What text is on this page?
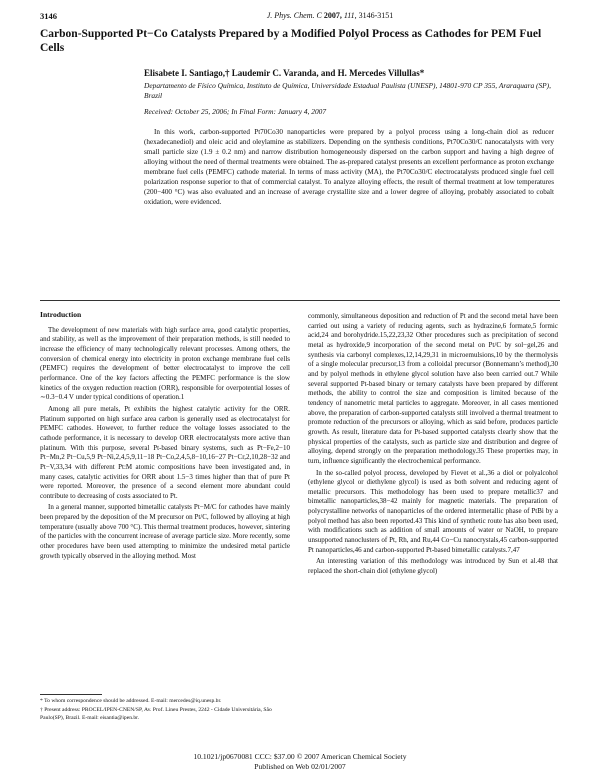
3146	J. Phys. Chem. C 2007, 111, 3146-3151
Carbon-Supported Pt−Co Catalysts Prepared by a Modified Polyol Process as Cathodes for PEM Fuel Cells
Elisabete I. Santiago,† Laudemir C. Varanda, and H. Mercedes Villullas*
Departamento de Físico Química, Instituto de Química, Universidade Estadual Paulista (UNESP), 14801-970 CP 355, Araraquara (SP), Brazil
Received: October 25, 2006; In Final Form: January 4, 2007

In this work, carbon-supported Pt70Co30 nanoparticles were prepared by a polyol process using a long-chain diol as reducer (hexadecanediol) and oleic acid and oleylamine as stabilizers. Depending on the synthesis conditions, Pt70Co30/C nanocatalysts with very small particle size (1.9 ± 0.2 nm) and narrow distribution homogeneously dispersed on the carbon support and having a high degree of alloying without the need of thermal treatments were obtained. The as-prepared catalyst presents an excellent performance as proton exchange membrane fuel cells (PEMFC) cathode material. In terms of mass activity (MA), the Pt70Co30/C electrocatalysts produced single fuel cell polarization response superior to that of commercial catalyst. To analyze alloying effects, the result of thermal treatment at low temperatures (200−400 °C) was also evaluated and an increase of average crystallite size and a lower degree of alloying, probably associated to cobalt oxidation, were evidenced.

Introduction

The development of new materials with high surface area, good catalytic properties, and stability, as well as the improvement of their preparation methods, is still needed to increase the efficiency of many technologically relevant processes. Among others, the conversion of chemical energy into electricity in proton exchange membrane fuel cells (PEMFC) requires the development of better electrocatalyst to improve the cell performance. One of the key factors affecting the PEMFC performance is the slow kinetics of the oxygen reduction reaction (ORR), responsible for overpotential losses of ∼0.3−0.4 V under typical conditions of operation.1

Among all pure metals, Pt exhibits the highest catalytic activity for the ORR. Platinum supported on high surface area carbon is generally used as electrocatalyst for PEMFC cathodes. However, to further reduce the voltage losses associated to the cathode performance, it is necessary to develop ORR electrocatalysts more active than platinum. With this purpose, several Pt-based binary systems, such as Pt−Fe,2−10 Pt−Mn,2 Pt−Cu,5,9 Pt−Ni,2,4,5,9,11−18 Pt−Co,2,4,5,8−10,16−27 Pt−Cr,2,10,28−32 and Pt−V,33,34 with different Pt:M atomic compositions have been investigated and, in many cases, catalytic activities for ORR about 1.5−3 times higher than that of pure Pt were reported. Moreover, the presence of a second element more abundant could contribute to decreasing of costs associated to Pt.

In a general manner, supported bimetallic catalysts Pt−M/C for cathodes have mainly been prepared by the deposition of the M precursor on Pt/C, followed by alloying at high temperature (usually above 700 °C). This thermal treatment produces, however, sintering of the particles with the concurrent increase of average particle size. More recently, some other procedures have been used attempting to minimize the undesired metal particle growth typically observed in the alloying method. Most

commonly, simultaneous deposition and reduction of Pt and the second metal have been carried out using a variety of reducing agents, such as hydrazine,6 formate,5 formic acid,24 and borohydride.15,22,23,32 Other procedures such as precipitation of second metal as hydroxide,9 incorporation of the second metal on Pt/C by sol−gel,26 and synthesis via carbonyl complexes,12,14,29,31 in microemulsions,10 by the thermolysis of a single molecular precursor,13 from a colloidal precursor (Bonnemann’s method),30 and by polyol methods in ethylene glycol solution have also been carried out.7 While several supported Pt-based binary or ternary catalysts have been prepared by different methods, the ability to control the size and composition is limited because of the tendency of nanometric metal particles to aggregate. Moreover, in all cases mentioned above, the preparation of carbon-supported catalysts still involved a thermal treatment to promote reduction of the precursors or alloying, which as said before, produces particle growth. As result, literature data for Pt-based supported catalysts clearly show that the physical properties of the catalysts, such as particle size and distribution and degree of alloying, depend strongly on the preparation methodology.35 These properties may, in turn, influence significantly the electrochemical performance.

In the so-called polyol process, developed by Fievet et al.,36 a diol or polyalcohol (ethylene glycol or diethylene glycol) is used as both solvent and reducing agent of metallic precursors. This methodology has been used to prepare metallic37 and bimetallic nanoparticles,38−42 mainly for magnetic materials. The preparation of polycrystalline networks of nanoparticles of the ordered intermetallic phase of PtBi by a polyol method has also been reported.43 This kind of synthetic route has also been used, with modifications such as addition of small amounts of water or NaOH, to prepare unsupported nanoclusters of Pt, Rh, and Ru,44 Co−Cu nanocrystals,45 carbon-supported Pt nanoparticles,46 and carbon-supported Pt-based bimetallic catalysts.7,47

An interesting variation of this methodology was introduced by Sun et al.48 that replaced the short-chain diol (ethylene glycol)

* To whom correspondence should be addressed. E-mail: mercedes@iq.unesp.br.

† Present address: PROCEL/IPEN-CNEN/SP, Av. Prof. Lineu Prestes, 2242 - Cidade Universitária, São Paulo(SP), Brazil. E-mail: eisantia@ipen.br.

10.1021/jp0670081 CCC: $37.00 © 2007 American Chemical Society
Published on Web 02/01/2007
